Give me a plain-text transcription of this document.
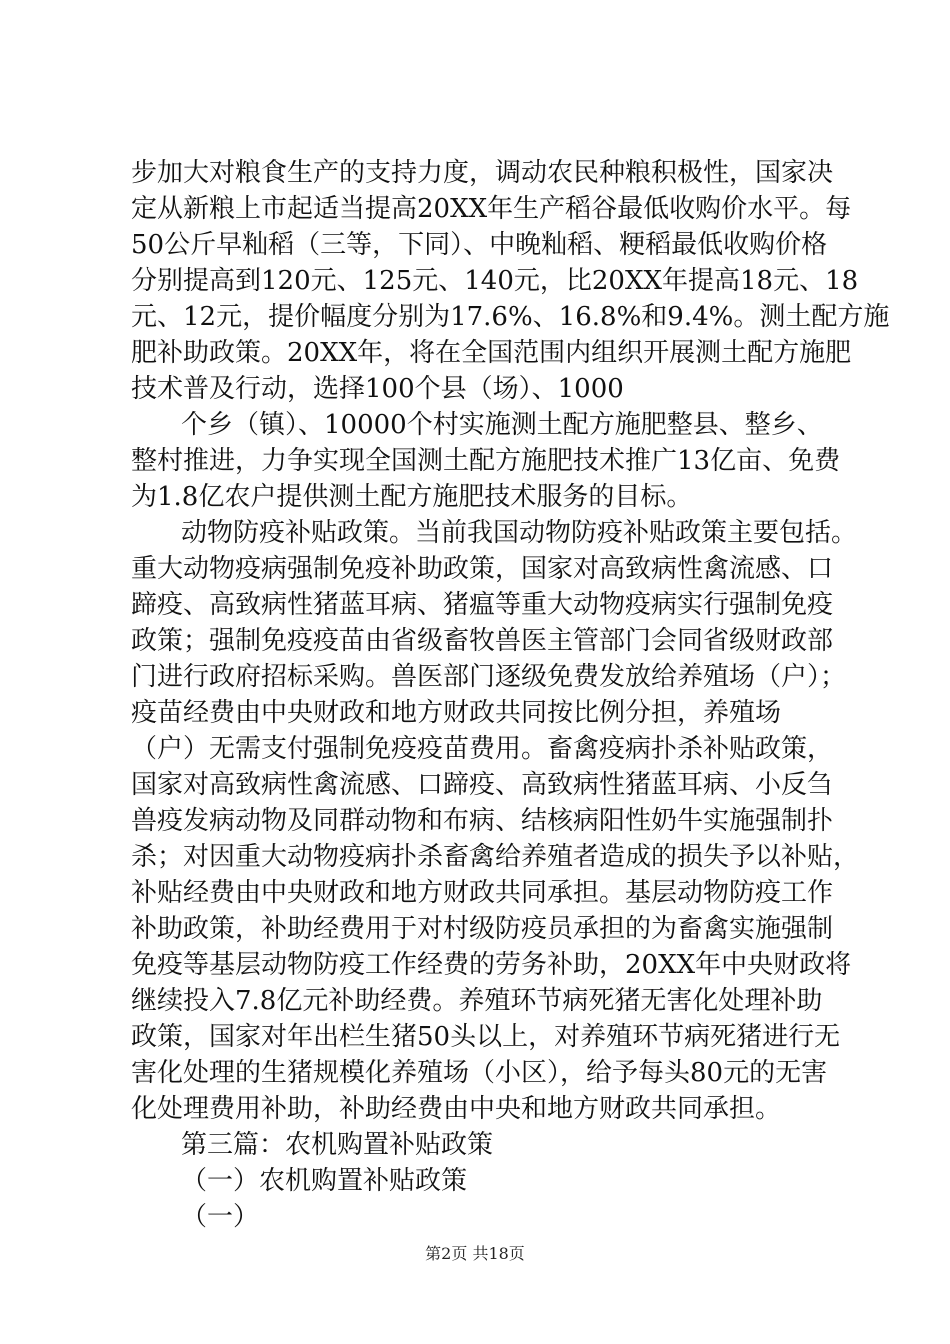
步加大对粮食生产的支持力度，调动农民种粮积极性，国家决
定从新粮上市起适当提高20XX年生产稻谷最低收购价水平。每
50公斤早籼稻（三等，下同）、中晚籼稻、粳稻最低收购价格
分别提高到120元、125元、140元，比20XX年提高18元、18
元、12元，提价幅度分别为17.6%、16.8%和9.4%。测土配方施
肥补助政策。20XX年，将在全国范围内组织开展测土配方施肥
技术普及行动，选择100个县（场）、1000
个乡（镇）、10000个村实施测土配方施肥整县、整乡、
整村推进，力争实现全国测土配方施肥技术推广13亿亩、免费
为1.8亿农户提供测土配方施肥技术服务的目标。
动物防疫补贴政策。当前我国动物防疫补贴政策主要包括。
重大动物疫病强制免疫补助政策，国家对高致病性禽流感、口
蹄疫、高致病性猪蓝耳病、猪瘟等重大动物疫病实行强制免疫
政策；强制免疫疫苗由省级畜牧兽医主管部门会同省级财政部
门进行政府招标采购。兽医部门逐级免费发放给养殖场（户）；
疫苗经费由中央财政和地方财政共同按比例分担，养殖场
（户）无需支付强制免疫疫苗费用。畜禽疫病扑杀补贴政策，
国家对高致病性禽流感、口蹄疫、高致病性猪蓝耳病、小反刍
兽疫发病动物及同群动物和布病、结核病阳性奶牛实施强制扑
杀；对因重大动物疫病扑杀畜禽给养殖者造成的损失予以补贴，
补贴经费由中央财政和地方财政共同承担。基层动物防疫工作
补助政策，补助经费用于对村级防疫员承担的为畜禽实施强制
免疫等基层动物防疫工作经费的劳务补助，20XX年中央财政将
继续投入7.8亿元补助经费。养殖环节病死猪无害化处理补助
政策，国家对年出栏生猪50头以上，对养殖环节病死猪进行无
害化处理的生猪规模化养殖场（小区），给予每头80元的无害
化处理费用补助，补助经费由中央和地方财政共同承担。
第三篇：农机购置补贴政策
（一）农机购置补贴政策
（一）
第2页 共18页
